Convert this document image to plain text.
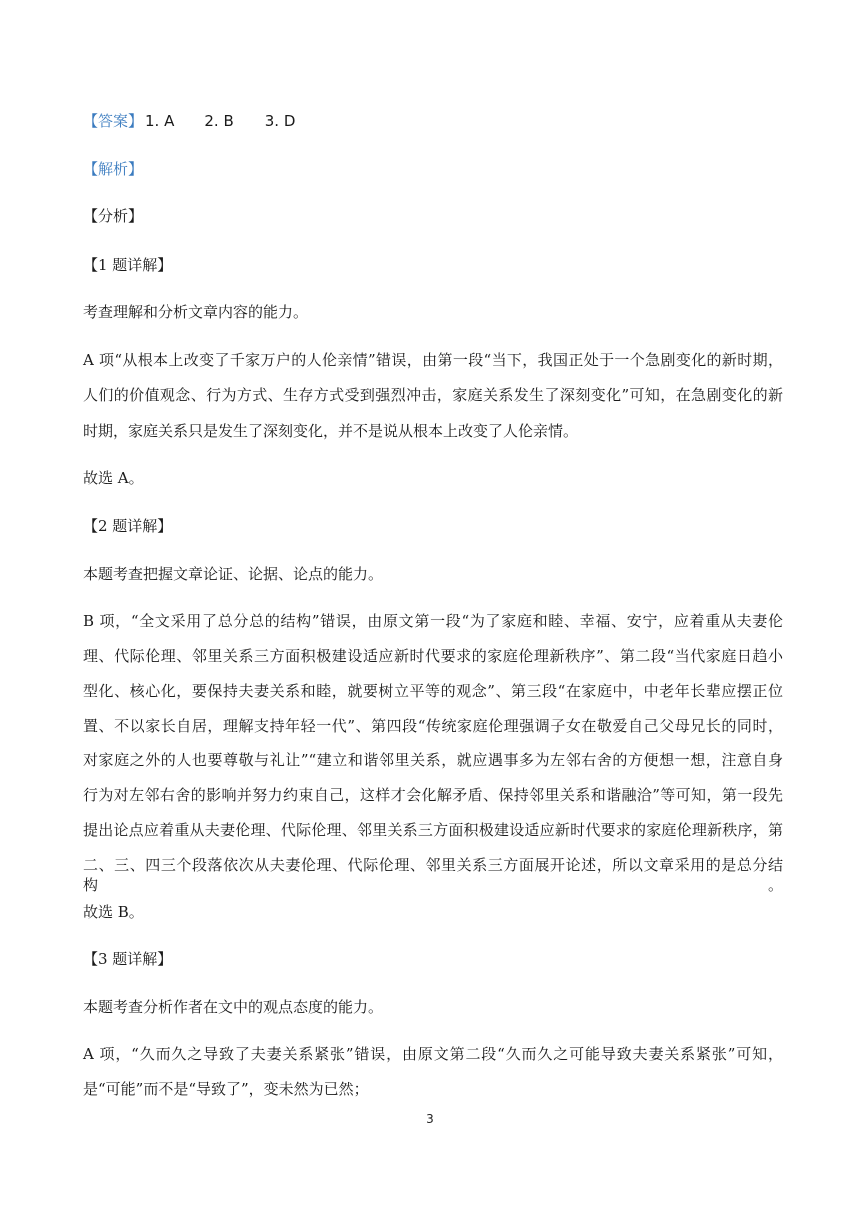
【答案】 1. A 2. B 3. D
【解析】
【分析】
【1 题详解】
考查理解和分析文章内容的能力。
A 项“从根本上改变了千家万户的人伦亲情”错误，由第一段“当下，我国正处于一个急剧变化的新时期，
人们的价值观念、行为方式、生存方式受到强烈冲击，家庭关系发生了深刻变化”可知，在急剧变化的新
时期，家庭关系只是发生了深刻变化，并不是说从根本上改变了人伦亲情。
故选 A。
【2 题详解】
本题考查把握文章论证、论据、论点的能力。
B 项，“全文采用了总分总的结构”错误，由原文第一段“为了家庭和睦、幸福、安宁，应着重从夫妻伦
理、代际伦理、邻里关系三方面积极建设适应新时代要求的家庭伦理新秩序”、第二段“当代家庭日趋小
型化、核心化，要保持夫妻关系和睦，就要树立平等的观念”、第三段“在家庭中，中老年长辈应摆正位
置、不以家长自居，理解支持年轻一代”、第四段“传统家庭伦理强调子女在敬爱自己父母兄长的同时，
对家庭之外的人也要尊敬与礼让”“建立和谐邻里关系，就应遇事多为左邻右舍的方便想一想，注意自身
行为对左邻右舍的影响并努力约束自己，这样才会化解矛盾、保持邻里关系和谐融洽”等可知，第一段先
提出论点应着重从夫妻伦理、代际伦理、邻里关系三方面积极建设适应新时代要求的家庭伦理新秩序，第
二、三、四三个段落依次从夫妻伦理、代际伦理、邻里关系三方面展开论述，所以文章采用的是总分结构。
故选 B。
【3 题详解】
本题考查分析作者在文中的观点态度的能力。
A 项，“久而久之导致了夫妻关系紧张”错误，由原文第二段“久而久之可能导致夫妻关系紧张”可知，
是“可能”而不是“导致了”，变未然为已然；
3
